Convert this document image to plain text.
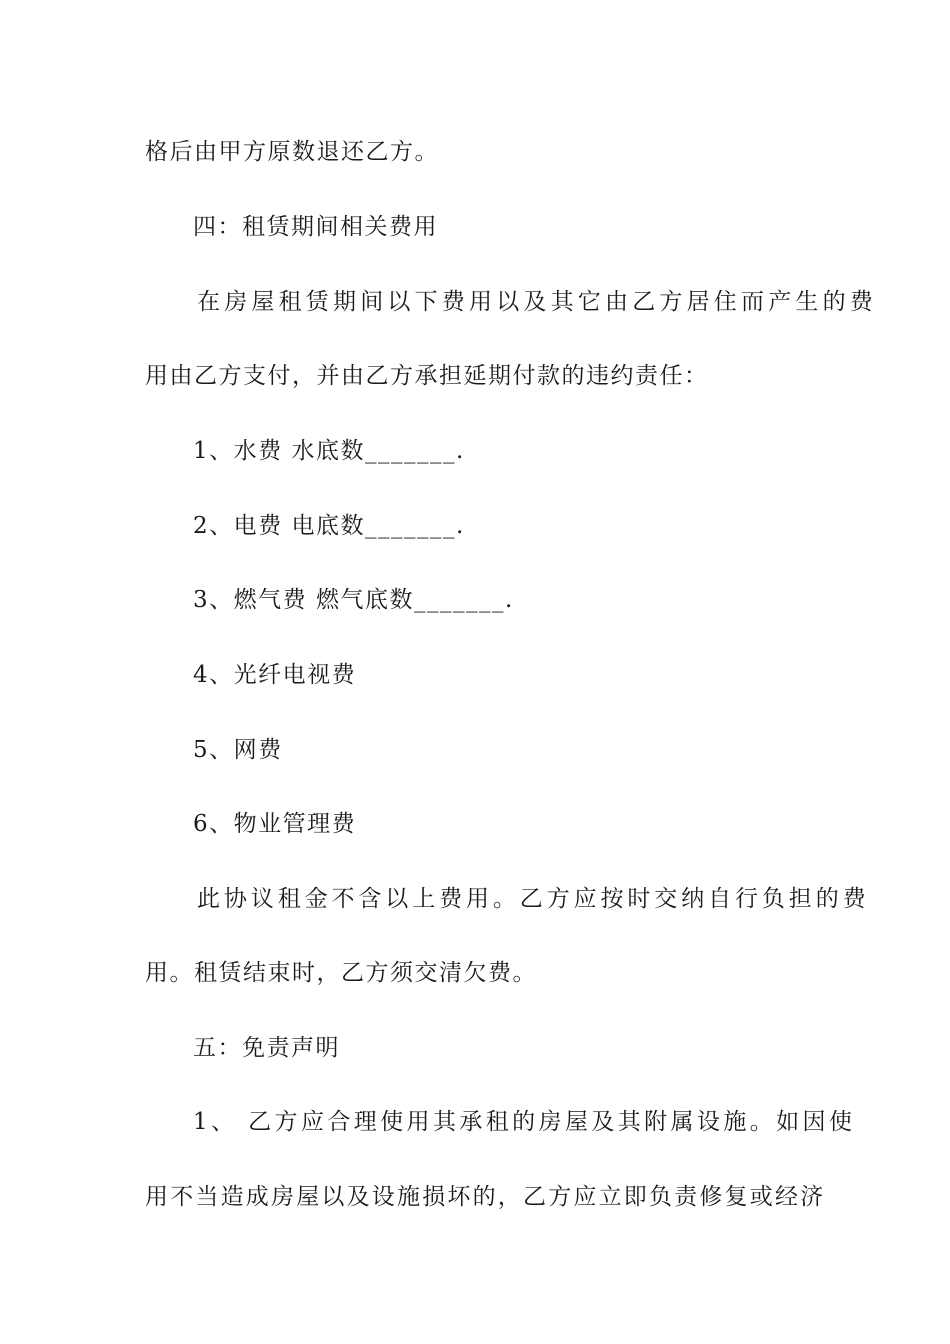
格后由甲方原数退还乙方。
四：租赁期间相关费用
在房屋租赁期间以下费用以及其它由乙方居住而产生的费
用由乙方支付，并由乙方承担延期付款的违约责任：
1、水费 水底数_______.
2、电费 电底数_______.
3、燃气费 燃气底数_______.
4、光纤电视费
5、网费
6、物业管理费
此协议租金不含以上费用。乙方应按时交纳自行负担的费
用。租赁结束时，乙方须交清欠费。
五：免责声明
1、 乙方应合理使用其承租的房屋及其附属设施。如因使
用不当造成房屋以及设施损坏的，乙方应立即负责修复或经济
